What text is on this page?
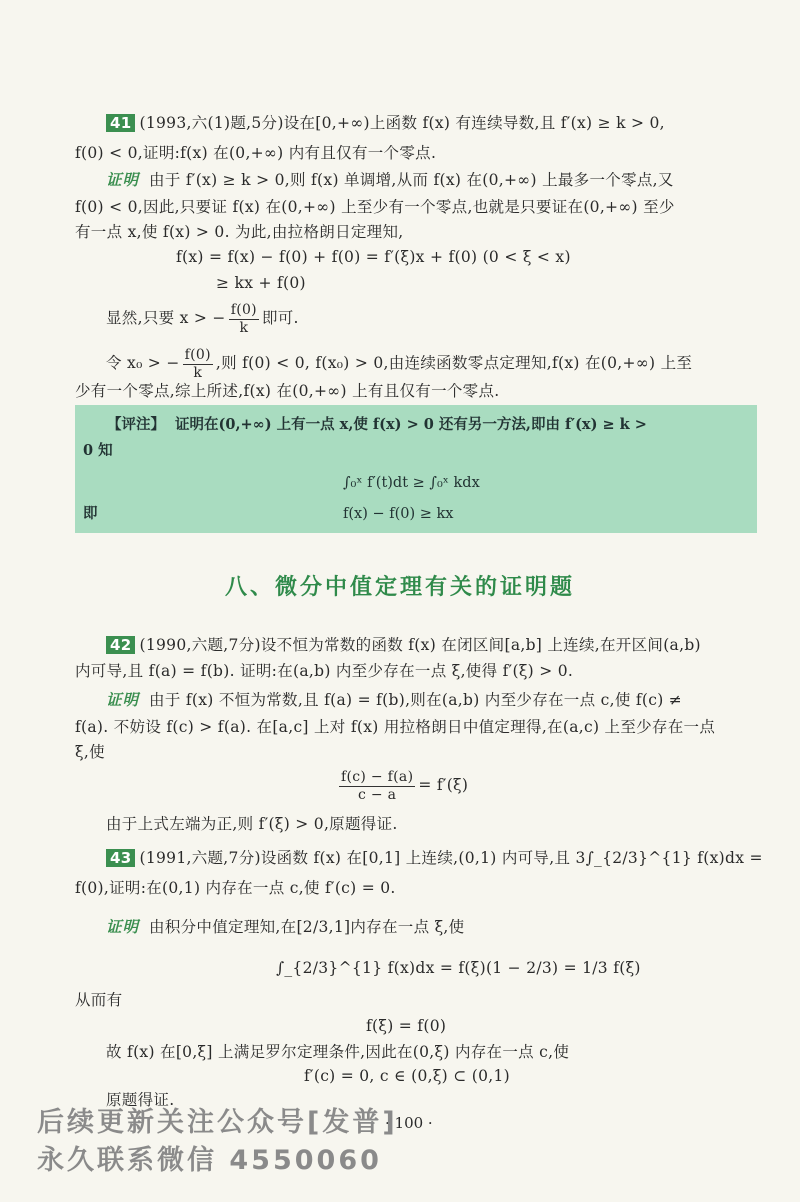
41 (1993,六(1)题,5分)设在[0,+∞)上函数 f(x) 有连续导数,且 f′(x) ≥ k > 0,
f(0) < 0,证明:f(x) 在(0,+∞) 内有且仅有一个零点.
证明 由于 f′(x) ≥ k > 0,则 f(x) 单调增,从而 f(x) 在(0,+∞) 上最多一个零点,又
f(0) < 0,因此,只要证 f(x) 在(0,+∞) 上至少有一个零点,也就是只要证在(0,+∞) 至少
有一点 x,使 f(x) > 0. 为此,由拉格朗日定理知,
f(x) = f(x) − f(0) + f(0) = f′(ξ)x + f(0) (0 < ξ < x)
≥ kx + f(0)
显然,只要 x > − $\frac{f(0)}{k}$ 即可.
令 x₀ > − $\frac{f(0)}{k}$ ,则 f(0) < 0, f(x₀) > 0,由连续函数零点定理知,f(x) 在(0,+∞) 上至
少有一个零点,综上所述,f(x) 在(0,+∞) 上有且仅有一个零点.
【评注】 证明在(0,+∞) 上有一点 x,使 f(x) > 0 还有另一方法,即由 f′(x) ≥ k >
0 知
∫₀ˣ f′(t)dt ≥ ∫₀ˣ kdx
即	f(x) − f(0) ≥ kx
八、微分中值定理有关的证明题
42 (1990,六题,7分)设不恒为常数的函数 f(x) 在闭区间[a,b] 上连续,在开区间(a,b)
内可导,且 f(a) = f(b). 证明:在(a,b) 内至少存在一点 ξ,使得 f′(ξ) > 0.
证明 由于 f(x) 不恒为常数,且 f(a) = f(b),则在(a,b) 内至少存在一点 c,使 f(c) ≠
f(a). 不妨设 f(c) > f(a). 在[a,c] 上对 f(x) 用拉格朗日中值定理得,在(a,c) 上至少存在一点
ξ,使
$\frac{f(c) - f(a)}{c - a} = f'(\xi)$
由于上式左端为正,则 f′(ξ) > 0,原题得证.
43 (1991,六题,7分)设函数 f(x) 在[0,1] 上连续,(0,1) 内可导,且 3∫_{2/3}^{1} f(x)dx =
f(0),证明:在(0,1) 内存在一点 c,使 f′(c) = 0.
证明 由积分中值定理知,在[2/3,1]内存在一点 ξ,使
∫_{2/3}^{1} f(x)dx = f(ξ)(1 − 2/3) = 1/3 f(ξ)
从而有
f(ξ) = f(0)
故 f(x) 在[0,ξ] 上满足罗尔定理条件,因此在(0,ξ) 内存在一点 c,使
f′(c) = 0, c ∈ (0,ξ) ⊂ (0,1)
原题得证.
· 100 ·
后续更新关注公众号[发普]
永久联系微信 4550060
